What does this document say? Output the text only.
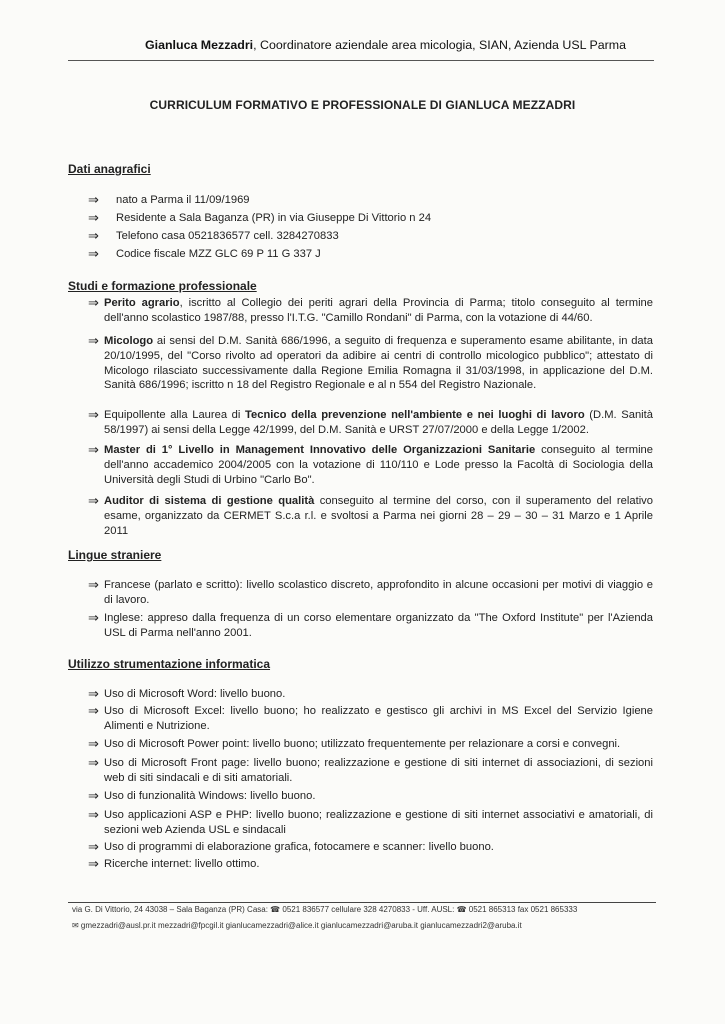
Gianluca Mezzadri, Coordinatore aziendale area micologia, SIAN, Azienda USL Parma
CURRICULUM FORMATIVO E PROFESSIONALE DI GIANLUCA MEZZADRI
Dati anagrafici
⇒ nato a Parma il 11/09/1969
⇒ Residente a Sala Baganza (PR) in via Giuseppe Di Vittorio n 24
⇒ Telefono casa 0521836577 cell. 3284270833
⇒ Codice fiscale MZZ GLC 69 P 11 G 337 J
Studi e formazione professionale
⇒ Perito agrario, iscritto al Collegio dei periti agrari della Provincia di Parma; titolo conseguito al termine dell'anno scolastico 1987/88, presso l'I.T.G. "Camillo Rondani" di Parma, con la votazione di 44/60.
⇒ Micologo ai sensi del D.M. Sanità 686/1996, a seguito di frequenza e superamento esame abilitante, in data 20/10/1995, del "Corso rivolto ad operatori da adibire ai centri di controllo micologico pubblico"; attestato di Micologo rilasciato successivamente dalla Regione Emilia Romagna il 31/03/1998, in applicazione del D.M. Sanità 686/1996; iscritto n 18 del Registro Regionale e al n 554 del Registro Nazionale.
⇒ Equipollente alla Laurea di Tecnico della prevenzione nell'ambiente e nei luoghi di lavoro (D.M. Sanità 58/1997) ai sensi della Legge 42/1999, del D.M. Sanità e URST 27/07/2000 e della Legge 1/2002.
⇒ Master di 1° Livello in Management Innovativo delle Organizzazioni Sanitarie conseguito al termine dell'anno accademico 2004/2005 con la votazione di 110/110 e Lode presso la Facoltà di Sociologia della Università degli Studi di Urbino "Carlo Bo".
⇒ Auditor di sistema di gestione qualità conseguito al termine del corso, con il superamento del relativo esame, organizzato da CERMET S.c.a r.l. e svoltosi a Parma nei giorni 28 – 29 – 30 – 31 Marzo e 1 Aprile 2011
Lingue straniere
⇒ Francese (parlato e scritto): livello scolastico discreto, approfondito in alcune occasioni per motivi di viaggio e di lavoro.
⇒ Inglese: appreso dalla frequenza di un corso elementare organizzato da "The Oxford Institute" per l'Azienda USL di Parma nell'anno 2001.
Utilizzo strumentazione informatica
⇒ Uso di Microsoft Word: livello buono.
⇒ Uso di Microsoft Excel: livello buono; ho realizzato e gestisco gli archivi in MS Excel del Servizio Igiene Alimenti e Nutrizione.
⇒ Uso di Microsoft Power point: livello buono; utilizzato frequentemente per relazionare a corsi e convegni.
⇒ Uso di Microsoft Front page: livello buono; realizzazione e gestione di siti internet di associazioni, di sezioni web di siti sindacali e di siti amatoriali.
⇒ Uso di funzionalità Windows: livello buono.
⇒ Uso applicazioni ASP e PHP: livello buono; realizzazione e gestione di siti internet associativi e amatoriali, di sezioni web Azienda USL e sindacali
⇒ Uso di programmi di elaborazione grafica, fotocamere e scanner: livello buono.
⇒ Ricerche internet: livello ottimo.
via G. Di Vittorio, 24 43038 – Sala Baganza (PR) Casa: ☎ 0521 836577 cellulare 328 4270833 - Uff. AUSL: ☎ 0521 865313 fax 0521 865333
✉ gmezzadri@ausl.pr.it mezzadri@fpcgil.it gianlucamezzadri@alice.it gianlucamezzadri@aruba.it gianlucamezzadri2@aruba.it
